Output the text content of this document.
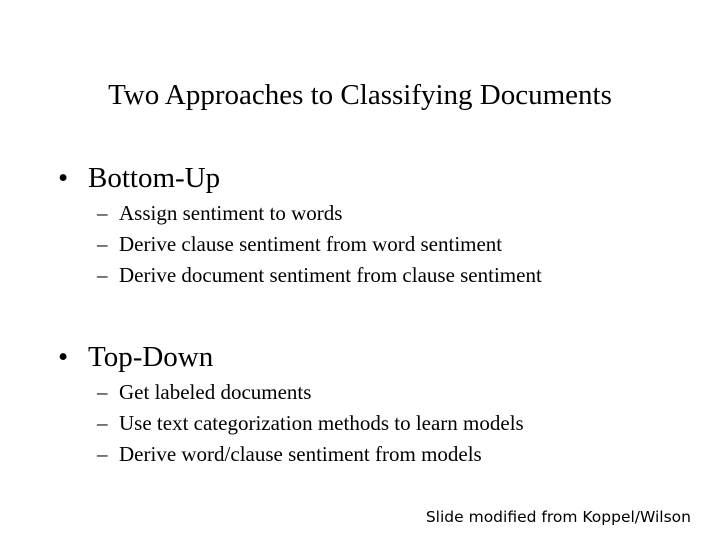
Two Approaches to Classifying Documents
• Bottom-Up
– Assign sentiment to words
– Derive clause sentiment from word sentiment
– Derive document sentiment from clause sentiment
• Top-Down
– Get labeled documents
– Use text categorization methods to learn models
– Derive word/clause sentiment from models
Slide modified from Koppel/Wilson
